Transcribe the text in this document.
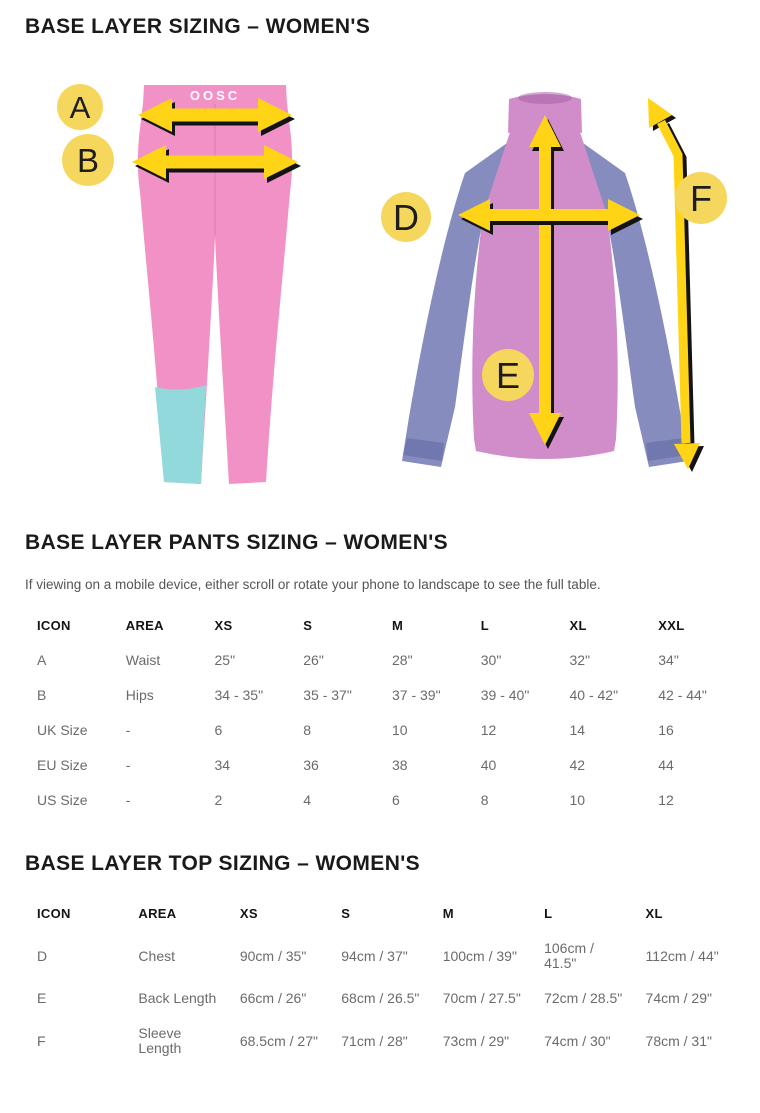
BASE LAYER SIZING – WOMEN'S
OOSC
A
B
D
E
F
BASE LAYER PANTS SIZING – WOMEN'S

If viewing on a mobile device, either scroll or rotate your phone to landscape to see the full table.

ICON	AREA	XS	S	M	L	XL	XXL
A	Waist	25"	26"	28"	30"	32"	34"
B	Hips	34 - 35"	35 - 37"	37 - 39"	39 - 40"	40 - 42"	42 - 44"
UK Size	-	6	8	10	12	14	16
EU Size	-	34	36	38	40	42	44
US Size	-	2	4	6	8	10	12
BASE LAYER TOP SIZING – WOMEN'S
ICON	AREA	XS	S	M	L	XL
D	Chest	90cm / 35"	94cm / 37"	100cm / 39"	106cm / 41.5"	112cm / 44"
E	Back Length	66cm / 26"	68cm / 26.5"	70cm / 27.5"	72cm / 28.5"	74cm / 29"
F	Sleeve Length	68.5cm / 27"	71cm / 28"	73cm / 29"	74cm / 30"	78cm / 31"
